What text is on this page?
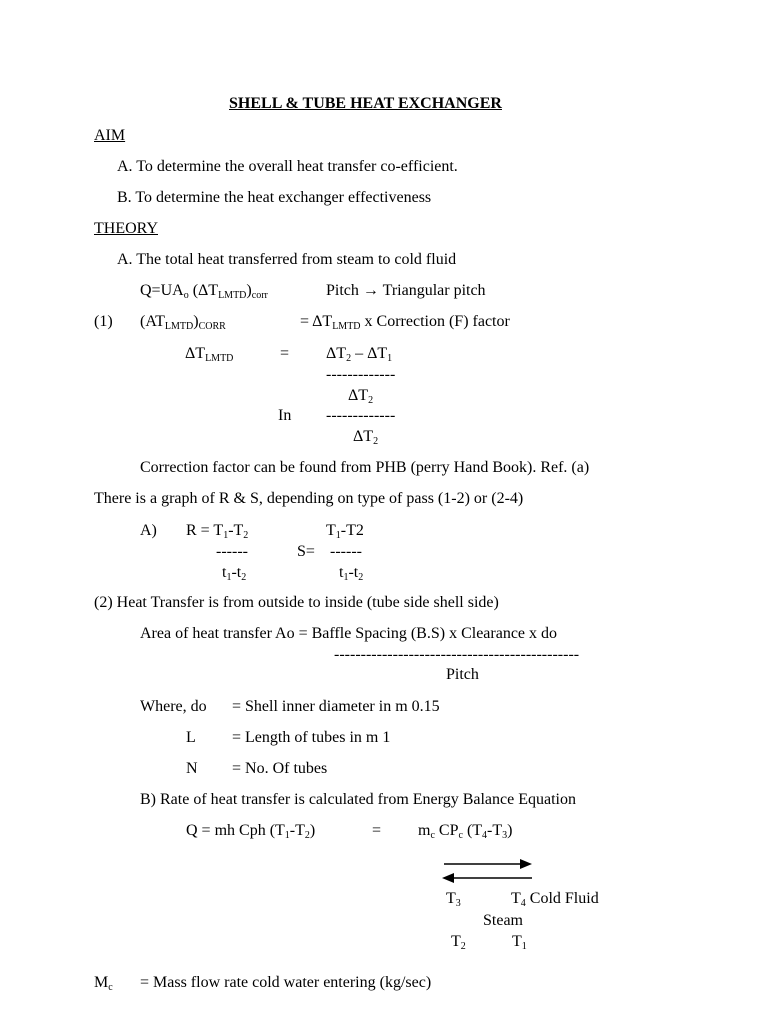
SHELL & TUBE HEAT EXCHANGER
AIM
A. To determine the overall heat transfer co-efficient.
B. To determine the heat exchanger effectiveness
THEORY
A. The total heat transferred from steam to cold fluid
$Q=UA_o$ $(\Delta T_{LMTD})_{corr}$	Pitch → Triangular pitch
(1) $(AT_{LMTD})_{CORR}$	= $\Delta T_{LMTD}$ x Correction (F) factor
$\Delta T_{LMTD}$	= $\Delta T_2 - \Delta T_1$
-------------
$\Delta T_2$
In -------------
$\Delta T_2$
Correction factor can be found from PHB (perry Hand Book). Ref. (a)
There is a graph of R & S, depending on type of pass (1-2) or (2-4)
A) $R = T_1-T_2$	$T_1-T2$
------	S= ------
$t_1-t_2$	$t_1-t_2$
(2) Heat Transfer is from outside to inside (tube side shell side)
Area of heat transfer Ao = Baffle Spacing (B.S) x Clearance x do
----------------------------------------------
Pitch
Where, do = Shell inner diameter in m 0.15
L = Length of tubes in m 1
N = No. Of tubes
B) Rate of heat transfer is calculated from Energy Balance Equation
Q = mh Cph $(T_1-T_2)$	= $m_c$ $CP_c$ $(T_4-T_3)$
$T_3$	$T_4$ Cold Fluid
Steam
$T_2$	$T_1$
$M_c$ = Mass flow rate cold water entering (kg/sec)
